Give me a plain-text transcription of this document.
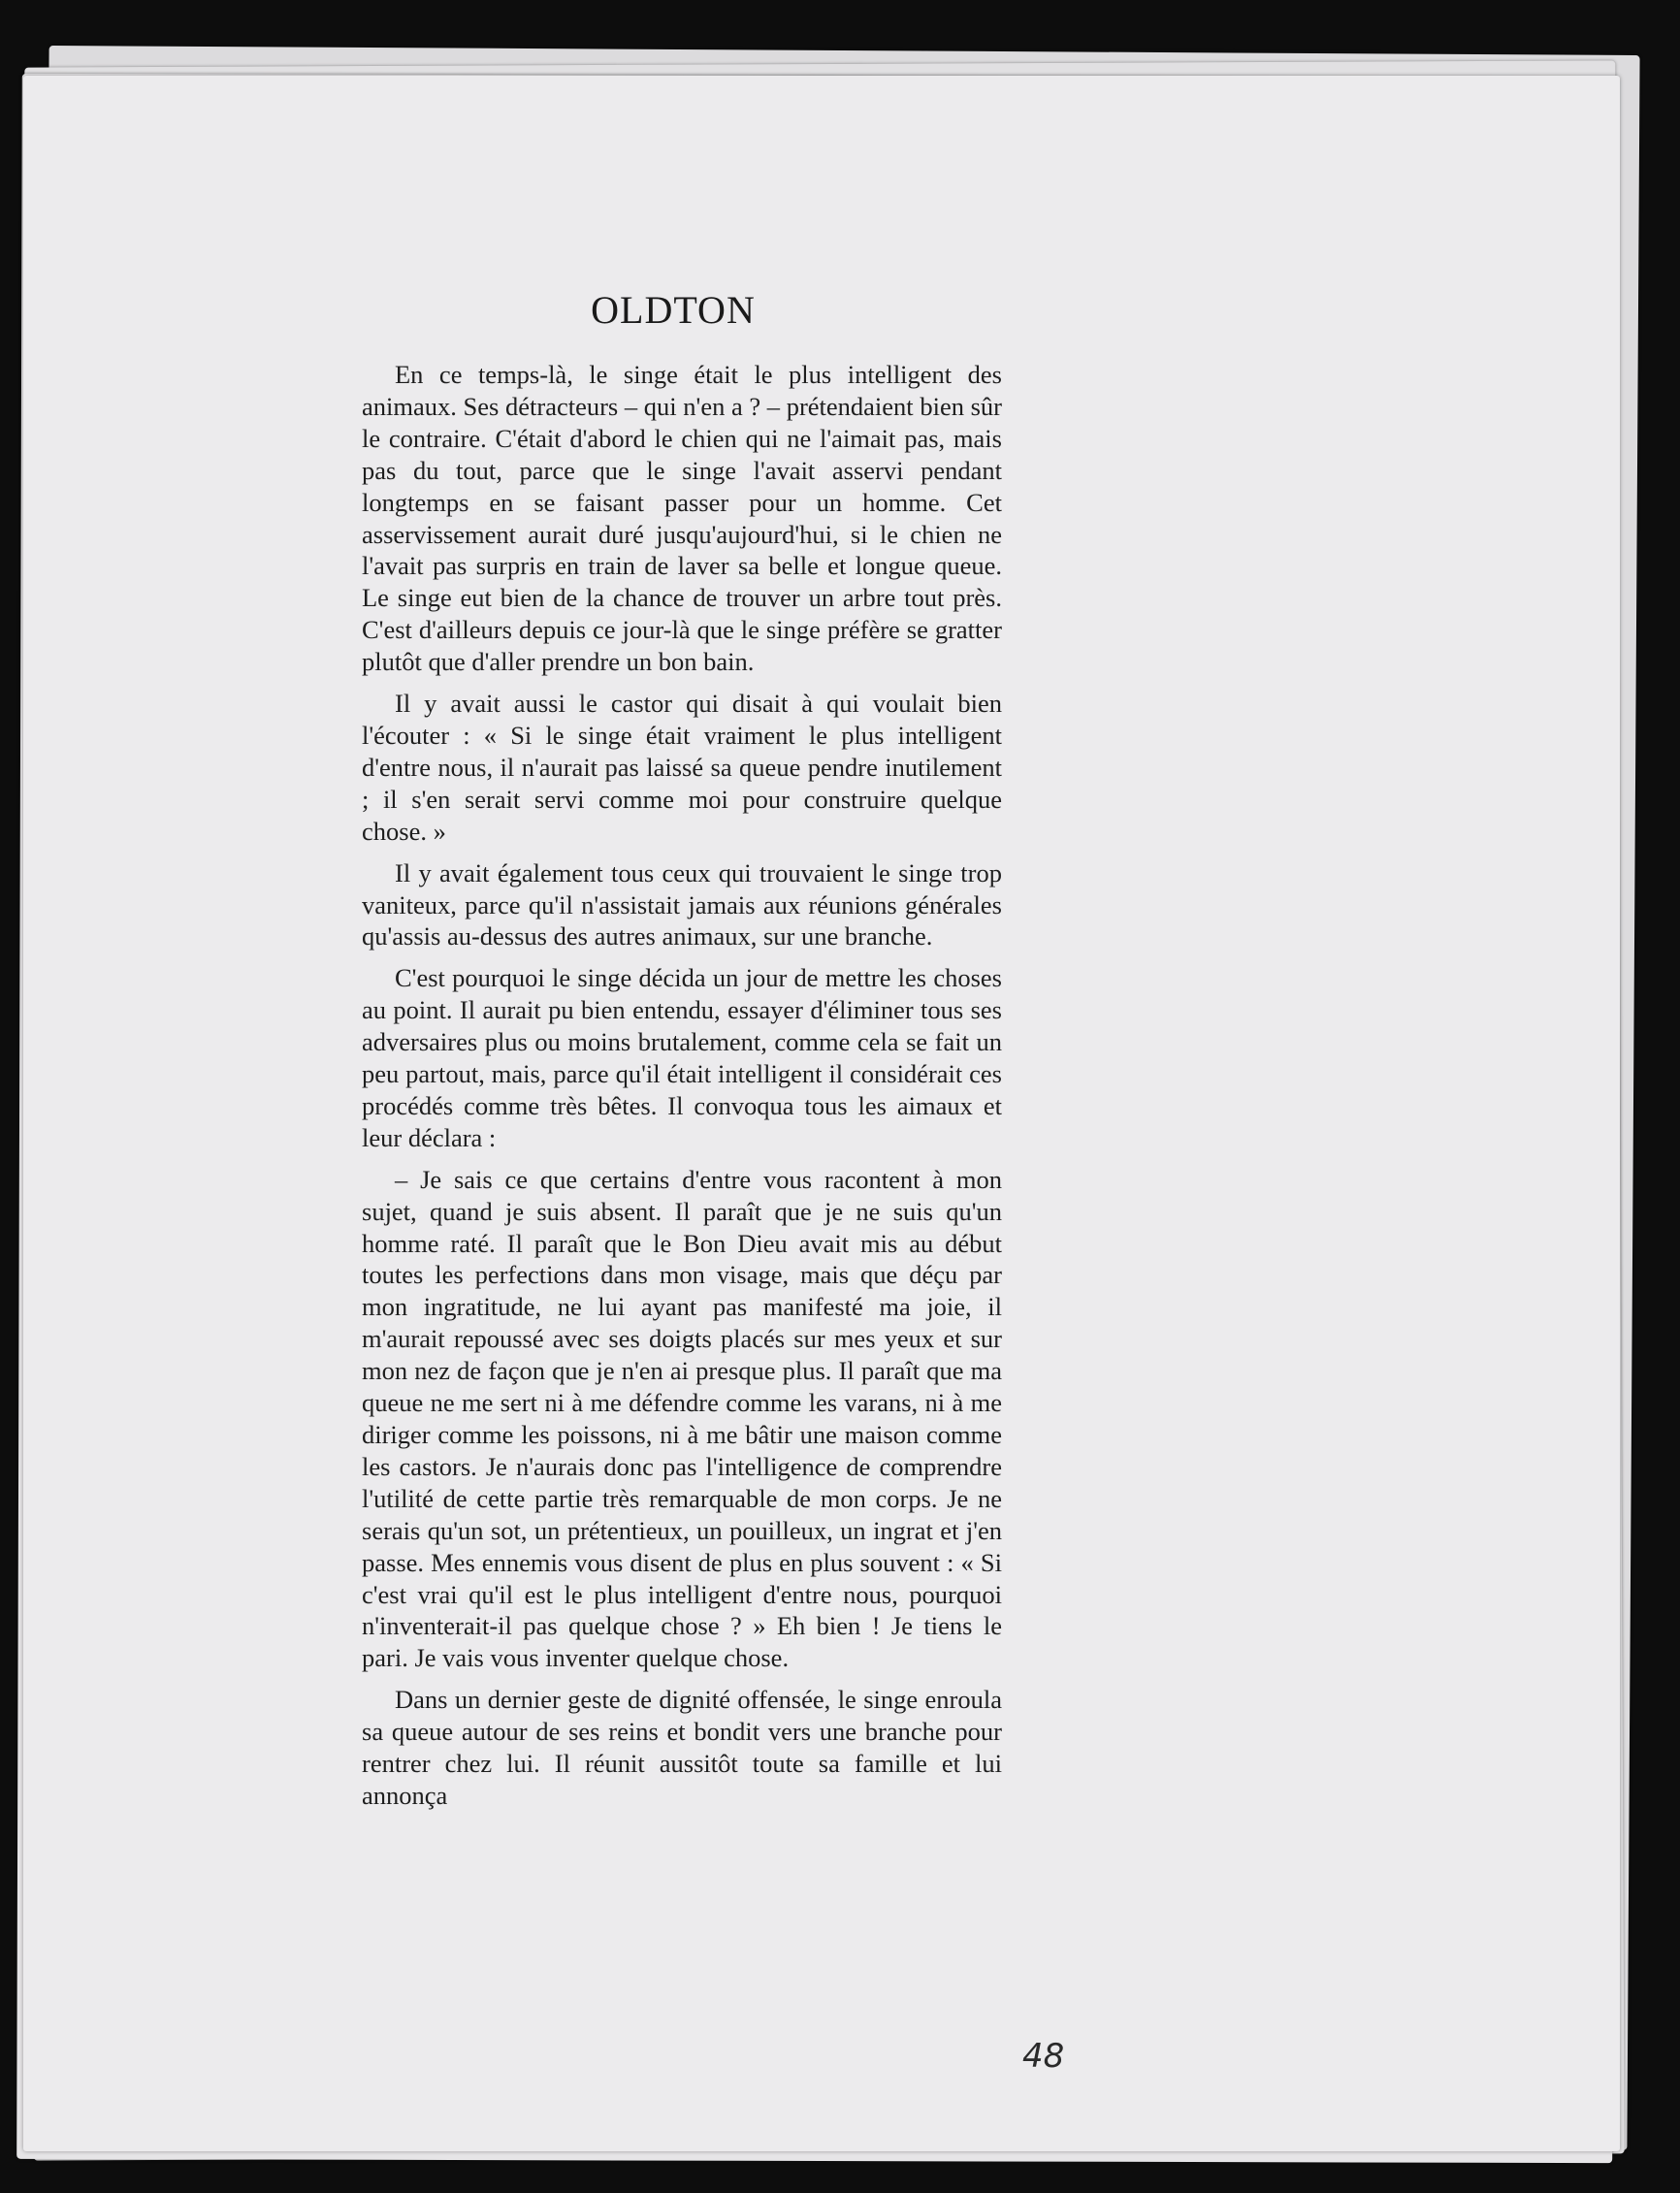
OLDTON

En ce temps-là, le singe était le plus intelligent des animaux. Ses détracteurs – qui n'en a ? – prétendaient bien sûr le contraire. C'était d'abord le chien qui ne l'aimait pas, mais pas du tout, parce que le singe l'avait asservi pendant longtemps en se faisant passer pour un homme. Cet asservissement aurait duré jusqu'aujourd'hui, si le chien ne l'avait pas surpris en train de laver sa belle et longue queue. Le singe eut bien de la chance de trouver un arbre tout près. C'est d'ailleurs depuis ce jour-là que le singe préfère se gratter plutôt que d'aller prendre un bon bain.

Il y avait aussi le castor qui disait à qui voulait bien l'écouter : « Si le singe était vraiment le plus intelligent d'entre nous, il n'aurait pas laissé sa queue pendre inutilement ; il s'en serait servi comme moi pour construire quelque chose. »

Il y avait également tous ceux qui trouvaient le singe trop vaniteux, parce qu'il n'assistait jamais aux réunions générales qu'assis au-dessus des autres animaux, sur une branche.

C'est pourquoi le singe décida un jour de mettre les choses au point. Il aurait pu bien entendu, essayer d'éliminer tous ses adversaires plus ou moins brutalement, comme cela se fait un peu partout, mais, parce qu'il était intelligent il considérait ces procédés comme très bêtes. Il convoqua tous les aimaux et leur déclara :

– Je sais ce que certains d'entre vous racontent à mon sujet, quand je suis absent. Il paraît que je ne suis qu'un homme raté. Il paraît que le Bon Dieu avait mis au début toutes les perfections dans mon visage, mais que déçu par mon ingratitude, ne lui ayant pas manifesté ma joie, il m'aurait repoussé avec ses doigts placés sur mes yeux et sur mon nez de façon que je n'en ai presque plus. Il paraît que ma queue ne me sert ni à me défendre comme les varans, ni à me diriger comme les poissons, ni à me bâtir une maison comme les castors. Je n'aurais donc pas l'intelligence de comprendre l'utilité de cette partie très remarquable de mon corps. Je ne serais qu'un sot, un prétentieux, un pouilleux, un ingrat et j'en passe. Mes ennemis vous disent de plus en plus souvent : « Si c'est vrai qu'il est le plus intelligent d'entre nous, pourquoi n'inventerait-il pas quelque chose ? » Eh bien ! Je tiens le pari. Je vais vous inventer quelque chose.

Dans un dernier geste de dignité offensée, le singe enroula sa queue autour de ses reins et bondit vers une branche pour rentrer chez lui. Il réunit aussitôt toute sa famille et lui annonça

48
